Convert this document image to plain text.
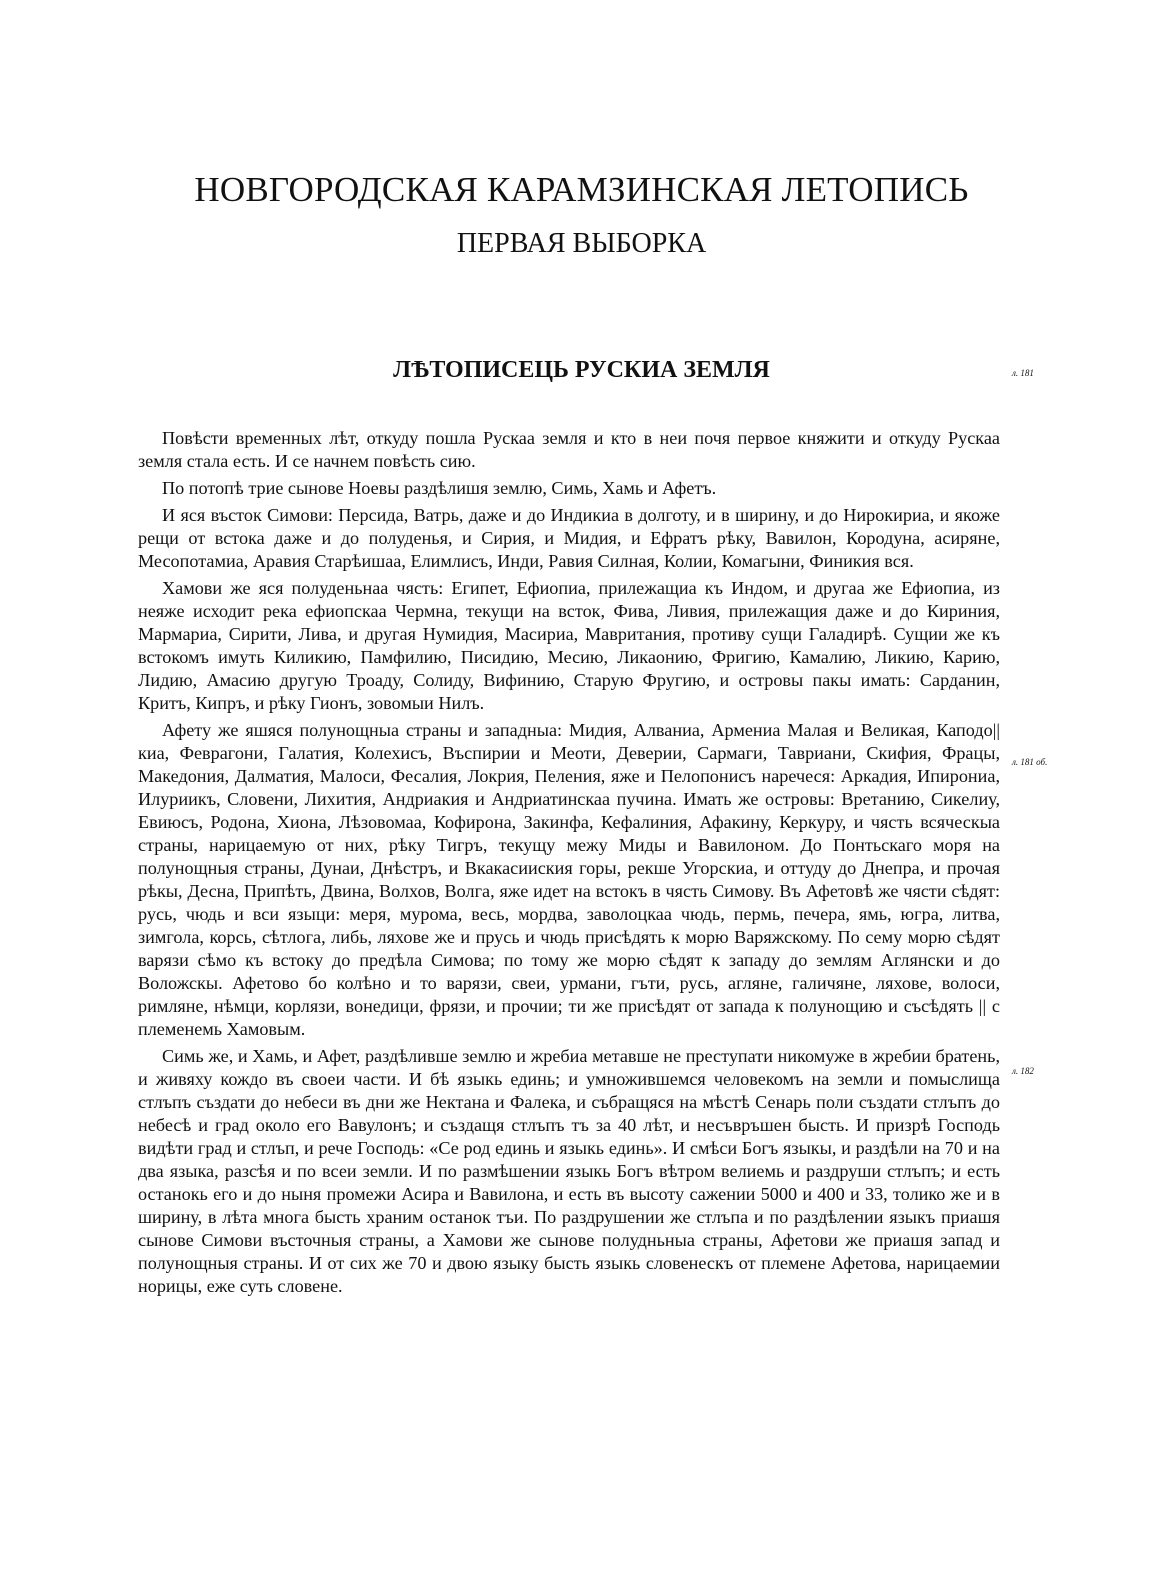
НОВГОРОДСКАЯ КАРАМЗИНСКАЯ ЛЕТОПИСЬ
ПЕРВАЯ ВЫБОРКА
ЛѢТОПИСЕЦЬ РУСКИА ЗЕМЛЯ	л. 181
л. 181 об.
л. 182

Повѣсти временных лѣт, откуду пошла Рускаа земля и кто в неи почя первое княжити и откуду Рускаа земля стала есть. И се начнем повѣсть сию.

По потопѣ трие сынове Ноевы раздѣлишя землю, Симь, Хамь и Афетъ.

И яся въсток Симови: Персида, Ватрь, даже и до Индикиа в долготу, и в ширину, и до Нирокириа, и якоже рещи от встока даже и до полуденья, и Сирия, и Мидия, и Ефратъ рѣку, Вавилон, Кородуна, асиряне, Месопотамиа, Аравия Старѣишаа, Елимлисъ, Инди, Равия Силная, Колии, Комагыни, Финикия вся.

Хамови же яся полуденьнаа чясть: Египет, Ефиопиа, прилежащиа къ Индом, и другаа же Ефиопиа, из неяже исходит река ефиопскаа Чермна, текущи на всток, Фива, Ливия, прилежащия даже и до Кириния, Мармариа, Сирити, Лива, и другая Нумидия, Масириа, Мавритания, противу сущи Галадирѣ. Сущии же къ встокомъ имуть Киликию, Памфилию, Писидию, Месию, Ликаонию, Фригию, Камалию, Ликию, Карию, Лидию, Амасию другую Троаду, Солиду, Вифинию, Старую Фругию, и островы пакы имать: Сарданин, Критъ, Кипръ, и рѣку Гионъ, зовомыи Нилъ.

Афету же яшяся полунощныа страны и западныа: Мидия, Алваниа, Армениа Малая и Великая, Каподо||киа, Феврагони, Галатия, Колехисъ, Въспирии и Меоти, Деверии, Сармаги, Тавриани, Скифия, Фрацы, Македония, Далматия, Малоси, Фесалия, Локрия, Пеления, яже и Пелопонисъ наречеся: Аркадия, Ипирониа, Илуриикъ, Словени, Лихития, Андриакия и Андриатинскаа пучина. Имать же островы: Вретанию, Сикелиу, Евиюсъ, Родона, Хиона, Лѣзовомаа, Кофирона, Закинфа, Кефалиния, Афакину, Керкуру, и чясть всяческыа страны, нарицаемую от них, рѣку Тигръ, текущу межу Миды и Вавилоном. До Понтьскаго моря на полунощныя страны, Дунаи, Днѣстръ, и Вкакасииския горы, рекше Угорскиа, и оттуду до Днепра, и прочая рѣкы, Десна, Припѣть, Двина, Волхов, Волга, яже идет на встокъ в чясть Симову. Въ Афетовѣ же чясти сѣдят: русь, чюдь и вси языци: меря, мурома, весь, мордва, заволоцкаа чюдь, пермь, печера, ямь, югра, литва, зимгола, корсь, сѣтлога, либь, ляхове же и прусь и чюдь присѣдять к морю Варяжскому. По сему морю сѣдят варязи сѣмо къ встоку до предѣла Симова; по тому же морю сѣдят к западу до землям Аглянски и до Воложскы. Афетово бо колѣно и то варязи, свеи, урмани, гъти, русь, агляне, галичяне, ляхове, волоси, римляне, нѣмци, корлязи, вонедици, фрязи, и прочии; ти же присѣдят от запада к полунощию и съсѣдять || с племенемь Хамовым.

Симь же, и Хамь, и Афет, раздѣливше землю и жребиа метавше не преступати никомуже в жребии братень, и живяху кождо въ своеи части. И бѣ языкь единь; и умножившемся человекомъ на земли и помыслища стлъпъ създати до небеси въ дни же Нектана и Фалека, и събращяся на мѣстѣ Сенарь поли създати стлъпъ до небесѣ и град около его Вавулонъ; и създащя стлъпъ тъ за 40 лѣт, и несъвръшен бысть. И призрѣ Господь видѣти град и стлъп, и рече Господь: «Се род единь и языкь единь». И смѣси Богъ языкы, и раздѣли на 70 и на два языка, разсѣя и по всеи земли. И по размѣшении языкь Богъ вѣтром велиемь и раздруши стлъпъ; и есть останокь его и до ныня промежи Асира и Вавилона, и есть въ высоту сажении 5000 и 400 и 33, толико же и в ширину, в лѣта многа бысть храним останок тъи. По раздрушении же стлъпа и по раздѣлении языкъ приашя сынове Симови въсточныя страны, а Хамови же сынове полудньныа страны, Афетови же приашя запад и полунощныя страны. И от сих же 70 и двою языку бысть языкь словенескъ от племене Афетова, нарицаемии норицы, еже суть словене.
